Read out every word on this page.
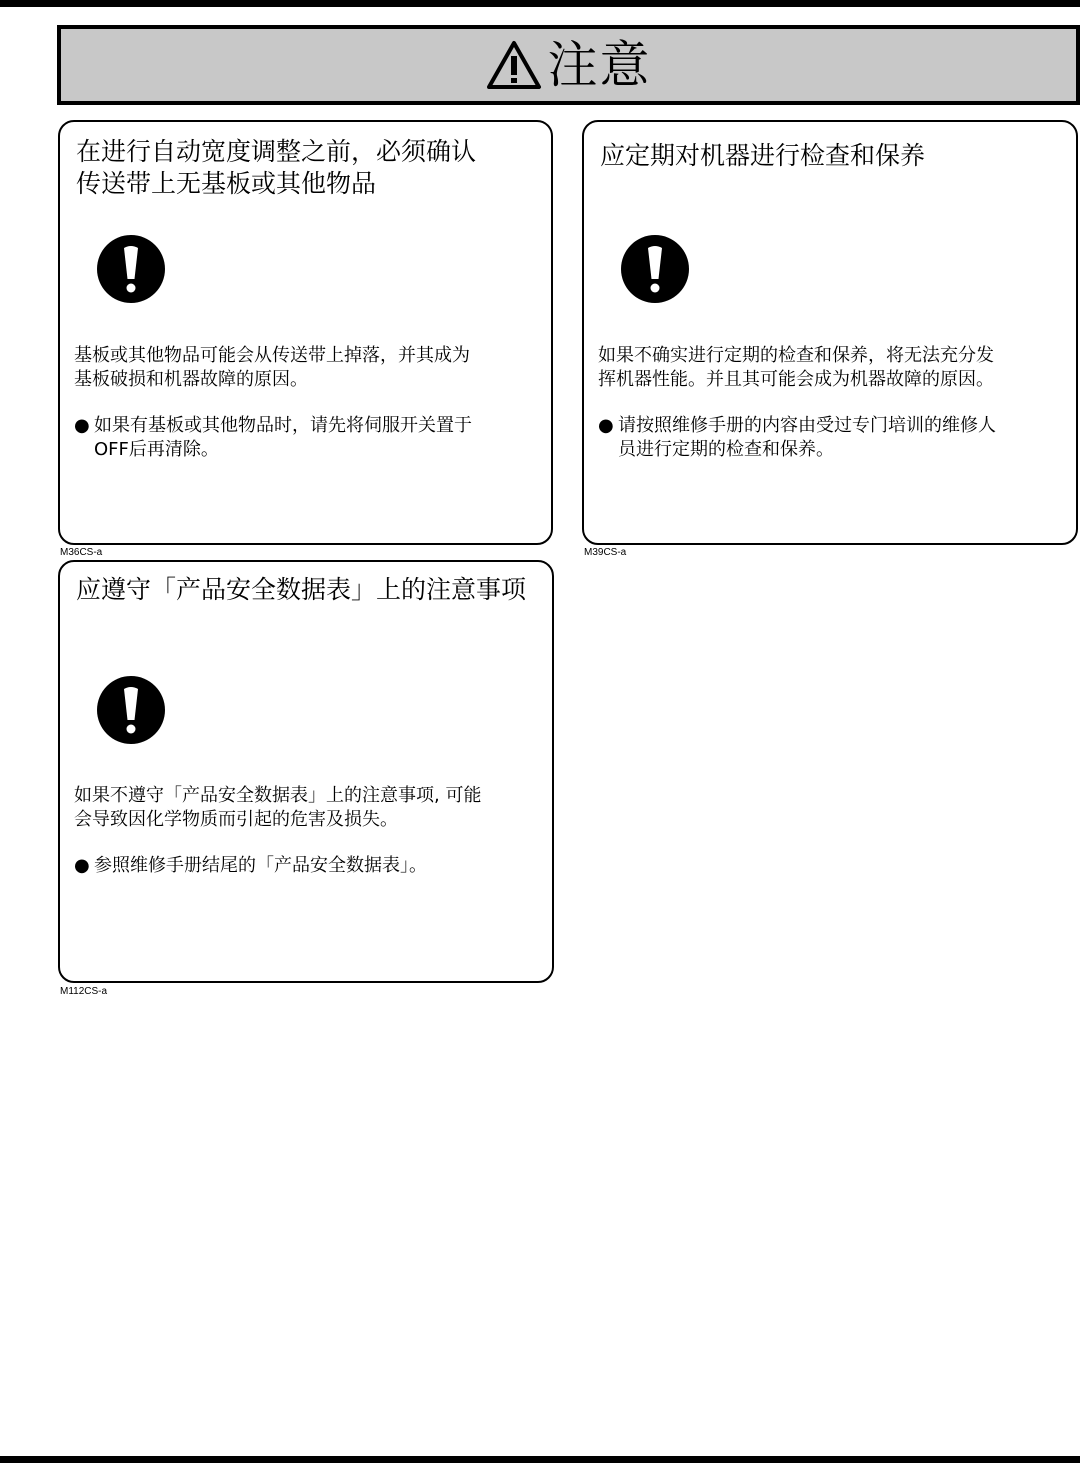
注意
在进行自动宽度调整之前，必须确认
传送带上无基板或其他物品
基板或其他物品可能会从传送带上掉落，并其成为
基板破损和机器故障的原因。
● 如果有基板或其他物品时，请先将伺服开关置于
OFF后再清除。
M36CS-a
应定期对机器进行检查和保养
如果不确实进行定期的检查和保养，将无法充分发
挥机器性能。并且其可能会成为机器故障的原因。
● 请按照维修手册的内容由受过专门培训的维修人
员进行定期的检查和保养。
M39CS-a
应遵守「产品安全数据表」上的注意事项
如果不遵守「产品安全数据表」上的注意事项, 可能
会导致因化学物质而引起的危害及损失。
● 参照维修手册结尾的「产品安全数据表」。
M112CS-a
